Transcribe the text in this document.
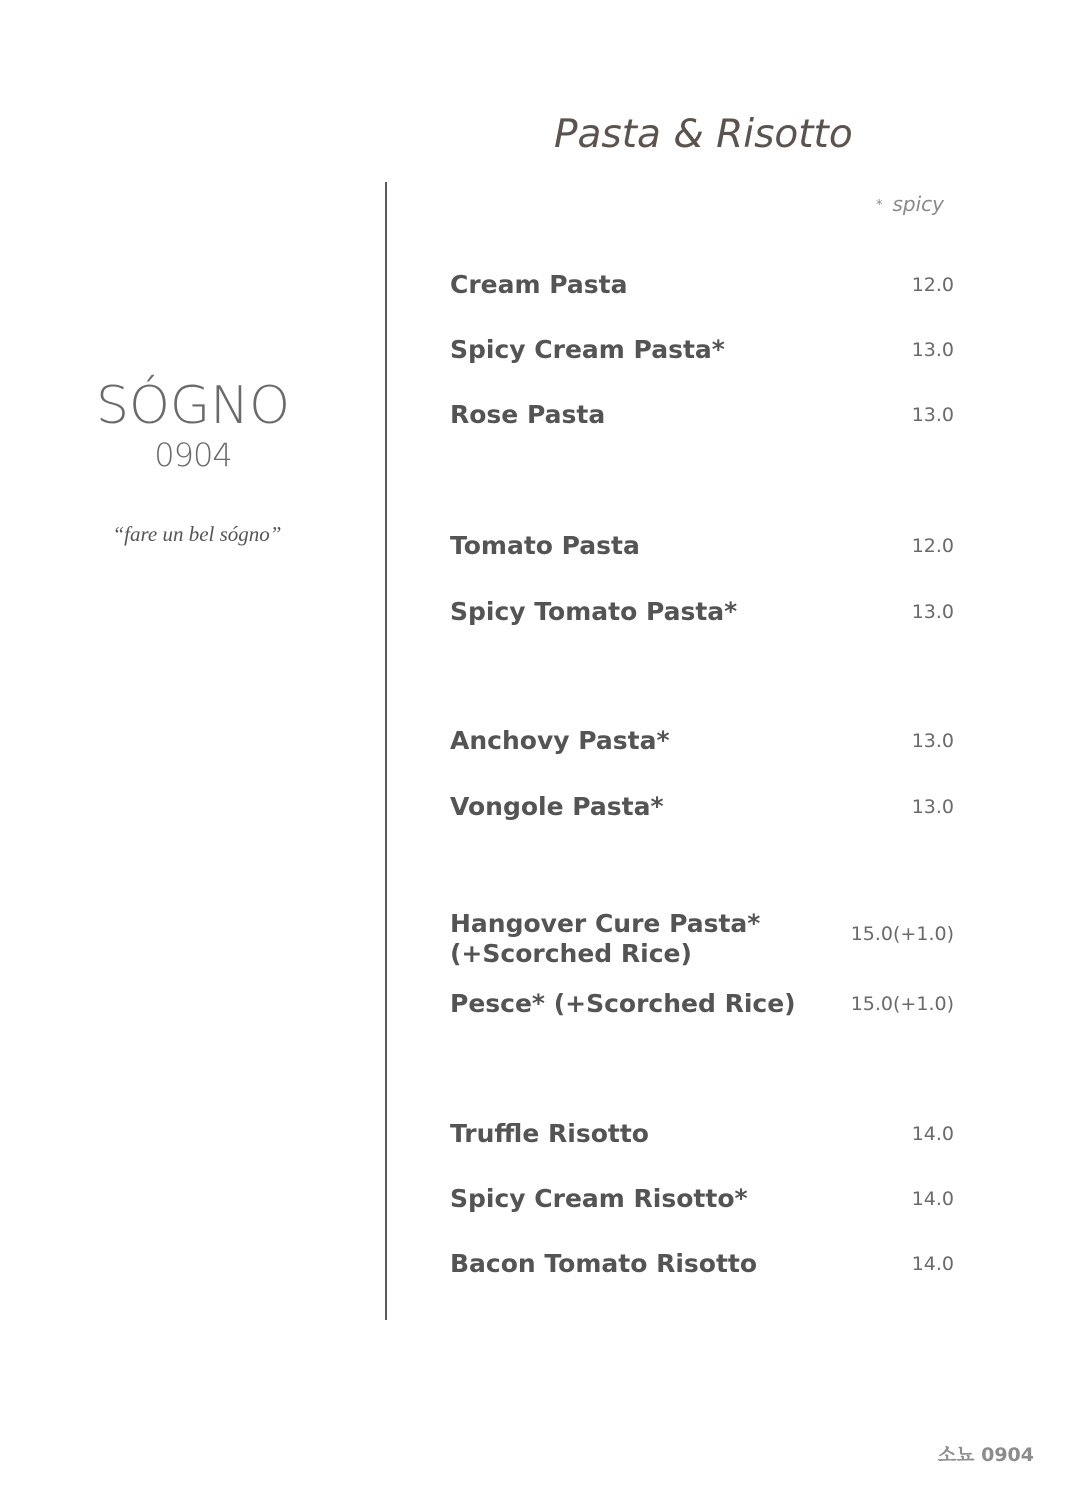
SÓGNO
0904
“fare un bel sógno”
Pasta & Risotto
* spicy
Cream Pasta	12.0
Spicy Cream Pasta*	13.0
Rose Pasta	13.0
Tomato Pasta	12.0
Spicy Tomato Pasta*	13.0
Anchovy Pasta*	13.0
Vongole Pasta*	13.0
Hangover Cure Pasta*
(+Scorched Rice)
15.0(+1.0)
Pesce* (+Scorched Rice)	15.0(+1.0)
Truffle Risotto	14.0
Spicy Cream Risotto*	14.0
Bacon Tomato Risotto	14.0
소뇨 0904
